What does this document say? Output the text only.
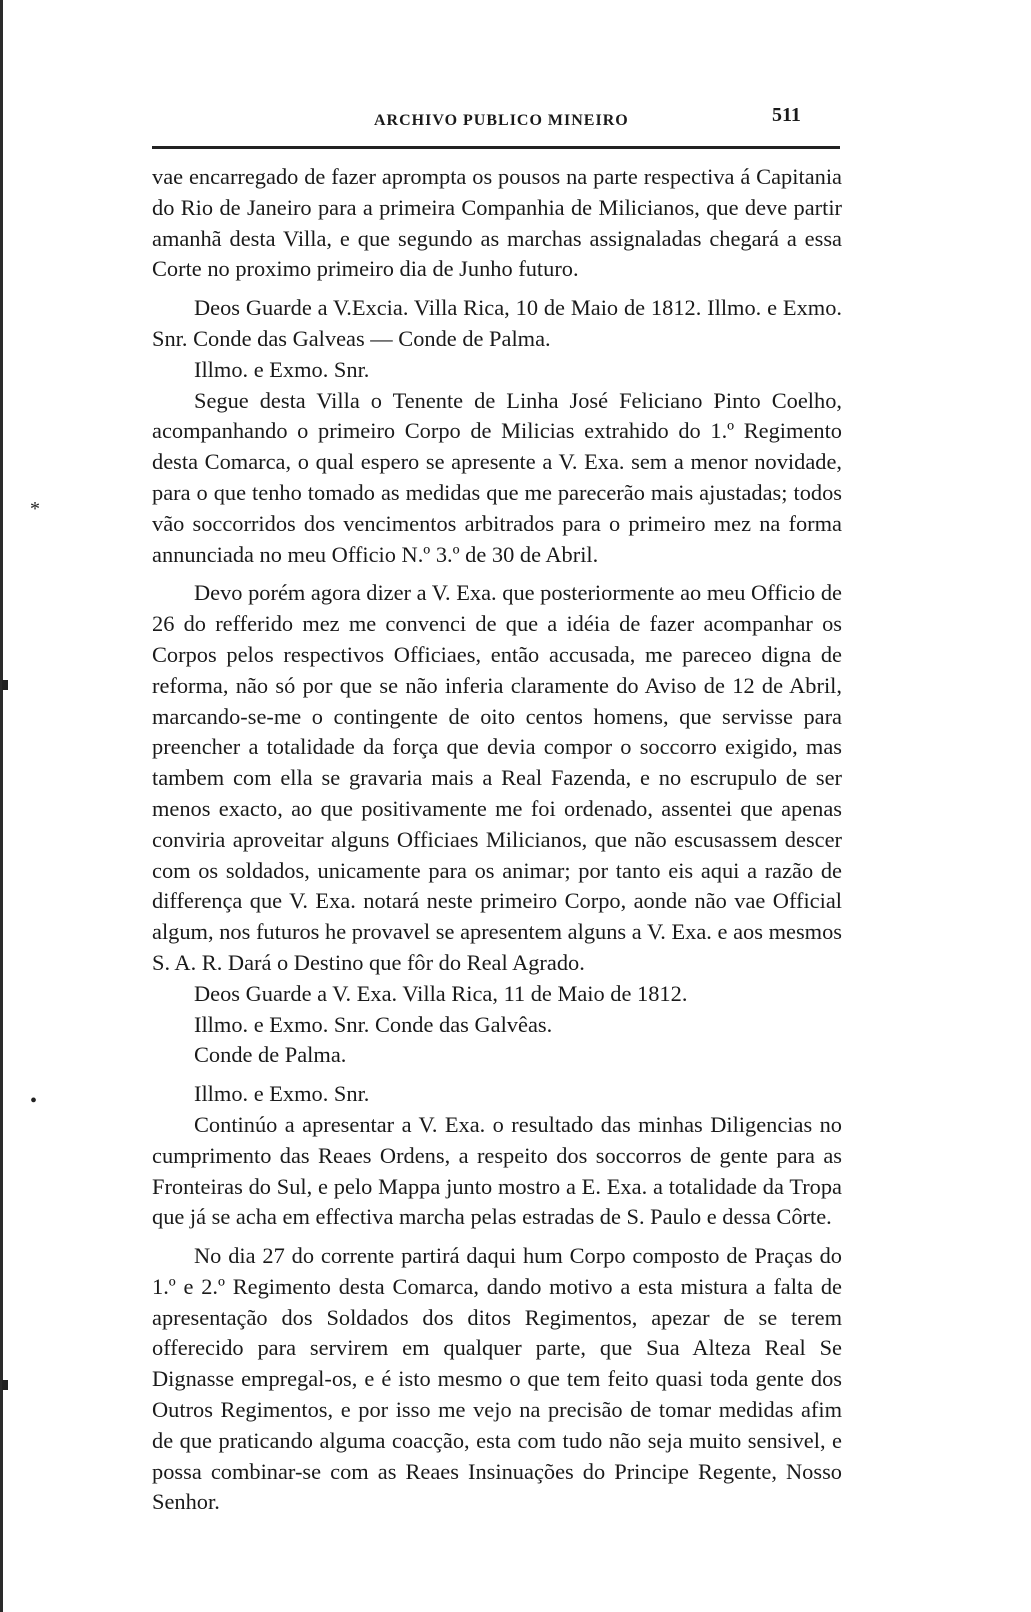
*
•
ARCHIVO PUBLICO MINEIRO	511

vae encarregado de fazer aprompta os pousos na parte respectiva á Capitania do Rio de Janeiro para a primeira Companhia de Milicianos, que deve partir amanhã desta Villa, e que segundo as marchas assignaladas chegará a essa Corte no proximo primeiro dia de Junho futuro.

Deos Guarde a V.Excia. Villa Rica, 10 de Maio de 1812. Illmo. e Exmo. Snr. Conde das Galveas — Conde de Palma.

Illmo. e Exmo. Snr.

Segue desta Villa o Tenente de Linha José Feliciano Pinto Coelho, acompanhando o primeiro Corpo de Milicias extrahido do 1.º Regimento desta Comarca, o qual espero se apresente a V. Exa. sem a menor novidade, para o que tenho tomado as medidas que me parecerão mais ajustadas; todos vão soccorridos dos vencimentos arbitrados para o primeiro mez na forma annunciada no meu Officio N.º 3.º de 30 de Abril.

Devo porém agora dizer a V. Exa. que posteriormente ao meu Officio de 26 do refferido mez me convenci de que a idéia de fazer acompanhar os Corpos pelos respectivos Officiaes, então accusada, me pareceo digna de reforma, não só por que se não inferia claramente do Aviso de 12 de Abril, marcando-se-me o contingente de oito centos homens, que servisse para preencher a totalidade da força que devia compor o soccorro exigido, mas tambem com ella se gravaria mais a Real Fazenda, e no escrupulo de ser menos exacto, ao que positivamente me foi ordenado, assentei que apenas conviria aproveitar alguns Officiaes Milicianos, que não escusassem descer com os soldados, unicamente para os animar; por tanto eis aqui a razão de differença que V. Exa. notará neste primeiro Corpo, aonde não vae Official algum, nos futuros he provavel se apresentem alguns a V. Exa. e aos mesmos S. A. R. Dará o Destino que fôr do Real Agrado.

Deos Guarde a V. Exa. Villa Rica, 11 de Maio de 1812.

Illmo. e Exmo. Snr. Conde das Galvêas.

Conde de Palma.

Illmo. e Exmo. Snr.

Continúo a apresentar a V. Exa. o resultado das minhas Diligencias no cumprimento das Reaes Ordens, a respeito dos soccorros de gente para as Fronteiras do Sul, e pelo Mappa junto mostro a E. Exa. a totalidade da Tropa que já se acha em effectiva marcha pelas estradas de S. Paulo e dessa Côrte.

No dia 27 do corrente partirá daqui hum Corpo composto de Praças do 1.º e 2.º Regimento desta Comarca, dando motivo a esta mistura a falta de apresentação dos Soldados dos ditos Regimentos, apezar de se terem offerecido para servirem em qualquer parte, que Sua Alteza Real Se Dignasse empregal-os, e é isto mesmo o que tem feito quasi toda gente dos Outros Regimentos, e por isso me vejo na precisão de tomar medidas afim de que praticando alguma coacção, esta com tudo não seja muito sensivel, e possa combinar-se com as Reaes Insinuações do Principe Regente, Nosso Senhor.
